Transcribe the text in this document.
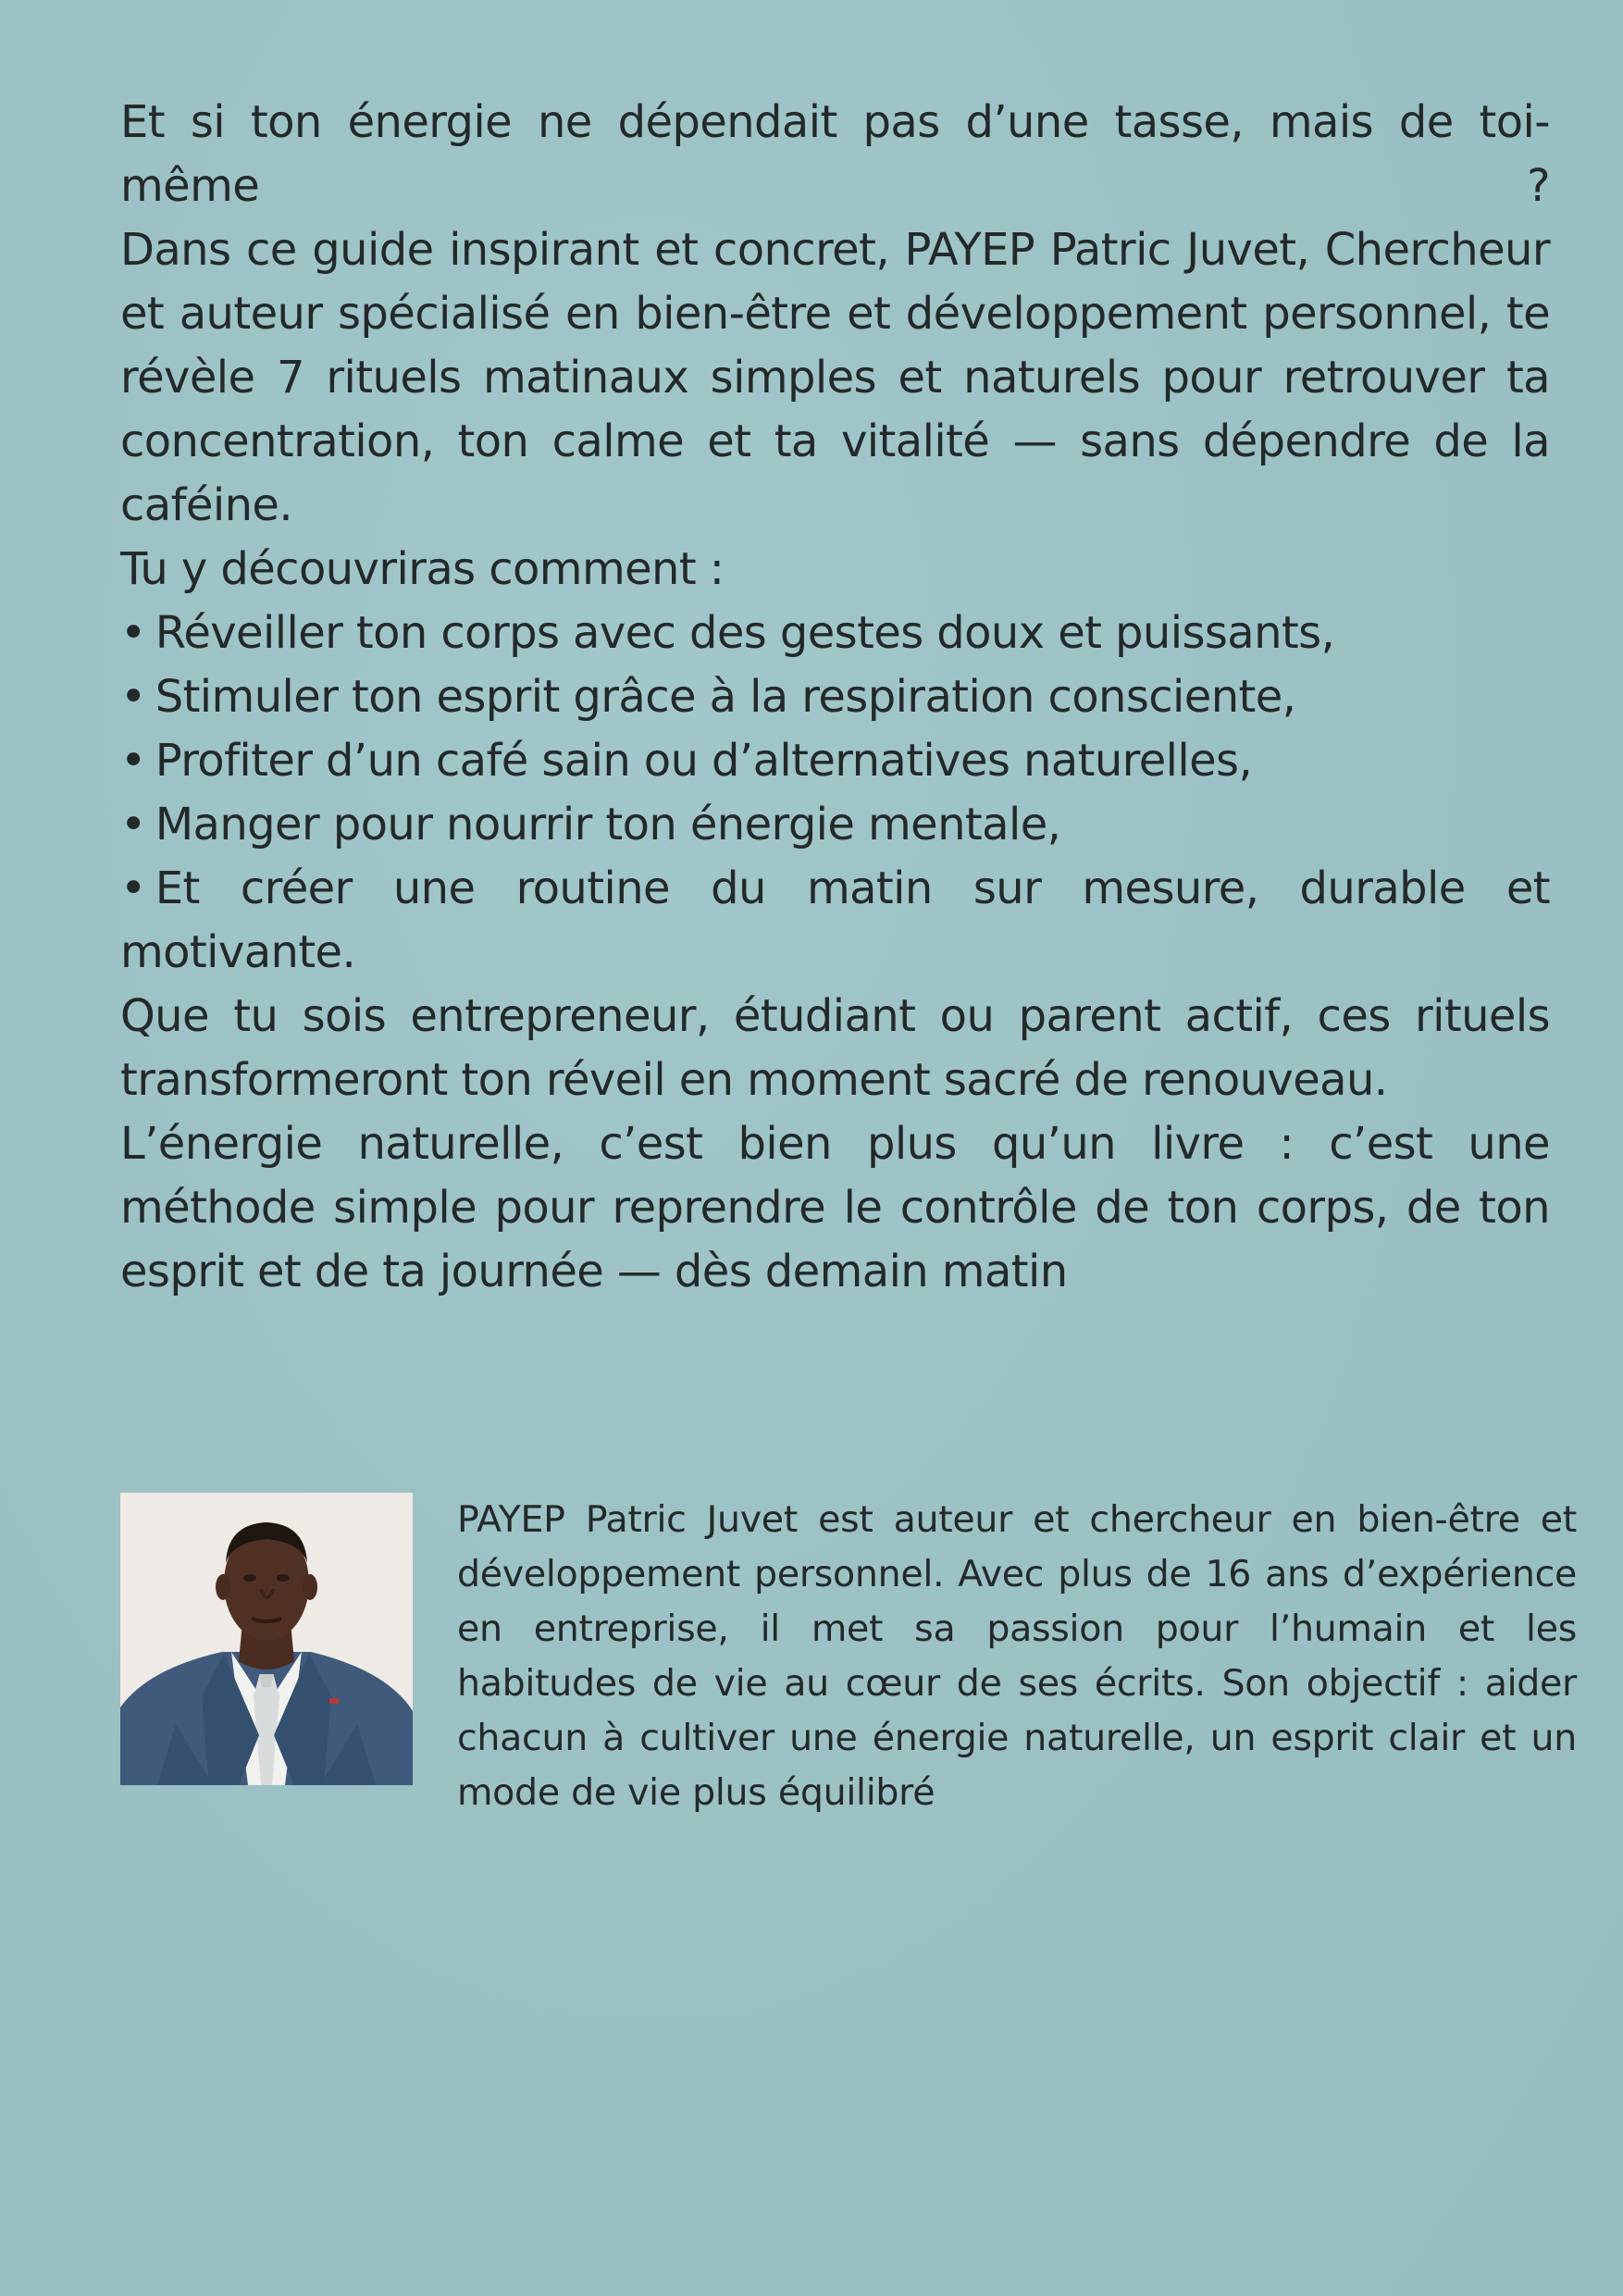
Et si ton énergie ne dépendait pas d’une tasse, mais de toi-même ?

Dans ce guide inspirant et concret, PAYEP Patric Juvet, Chercheur et auteur spécialisé en bien-être et développement personnel, te révèle 7 rituels matinaux simples et naturels pour retrouver ta concentration, ton calme et ta vitalité — sans dépendre de la caféine.

Tu y découvriras comment :

• Réveiller ton corps avec des gestes doux et puissants,
• Stimuler ton esprit grâce à la respiration consciente,
• Profiter d’un café sain ou d’alternatives naturelles,
• Manger pour nourrir ton énergie mentale,
• Et créer une routine du matin sur mesure, durable et motivante.

Que tu sois entrepreneur, étudiant ou parent actif, ces rituels transformeront ton réveil en moment sacré de renouveau.

L’énergie naturelle, c’est bien plus qu’un livre : c’est une méthode simple pour reprendre le contrôle de ton corps, de ton esprit et de ta journée — dès demain matin

PAYEP Patric Juvet est auteur et chercheur en bien-être et développement personnel. Avec plus de 16 ans d’expérience en entreprise, il met sa passion pour l’humain et les habitudes de vie au cœur de ses écrits. Son objectif : aider chacun à cultiver une énergie naturelle, un esprit clair et un mode de vie plus équilibré
